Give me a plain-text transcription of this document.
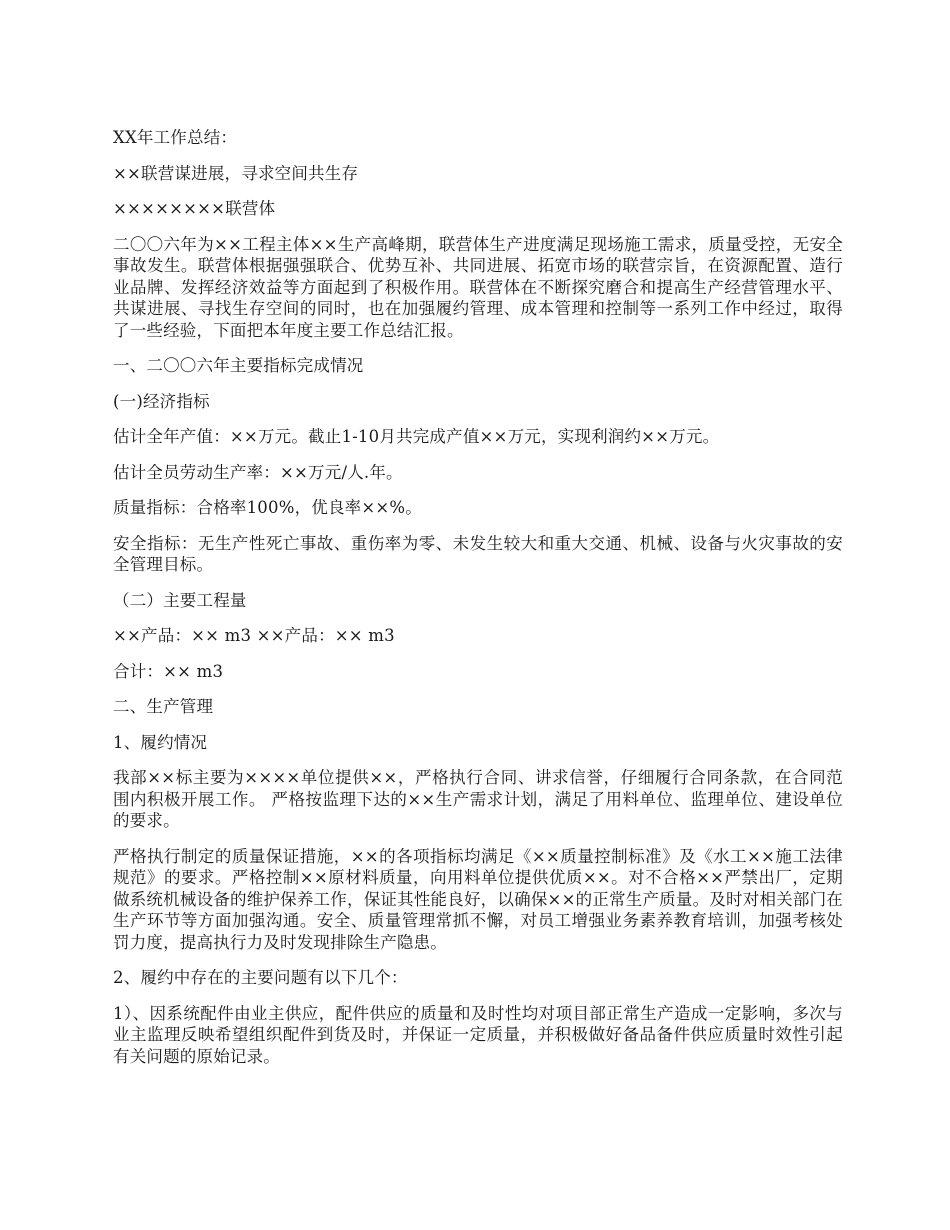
XX年工作总结：

××联营谋进展，寻求空间共生存

××××××××联营体

二〇〇六年为××工程主体××生产高峰期，联营体生产进度满足现场施工需求，质量受控，无安全事故发生。联营体根据强强联合、优势互补、共同进展、拓宽市场的联营宗旨，在资源配置、造行业品牌、发挥经济效益等方面起到了积极作用。联营体在不断探究磨合和提高生产经营管理水平、共谋进展、寻找生存空间的同时，也在加强履约管理、成本管理和控制等一系列工作中经过，取得了一些经验，下面把本年度主要工作总结汇报。

一、二〇〇六年主要指标完成情况

(一)经济指标

估计全年产值：××万元。截止1-10月共完成产值××万元，实现利润约××万元。

估计全员劳动生产率：××万元/人.年。

质量指标：合格率100%，优良率××%。

安全指标：无生产性死亡事故、重伤率为零、未发生较大和重大交通、机械、设备与火灾事故的安全管理目标。

（二）主要工程量

××产品：×× m3 ××产品：×× m3

合计：×× m3

二、生产管理

1、履约情况

我部××标主要为××××单位提供××，严格执行合同、讲求信誉，仔细履行合同条款，在合同范围内积极开展工作。 严格按监理下达的××生产需求计划，满足了用料单位、监理单位、建设单位的要求。

严格执行制定的质量保证措施，××的各项指标均满足《××质量控制标准》及《水工××施工法律规范》的要求。严格控制××原材料质量，向用料单位提供优质××。对不合格××严禁出厂，定期做系统机械设备的维护保养工作，保证其性能良好，以确保××的正常生产质量。及时对相关部门在生产环节等方面加强沟通。安全、质量管理常抓不懈，对员工增强业务素养教育培训，加强考核处罚力度，提高执行力及时发现排除生产隐患。

2、履约中存在的主要问题有以下几个：

1）、因系统配件由业主供应，配件供应的质量和及时性均对项目部正常生产造成一定影响，多次与业主监理反映希望组织配件到货及时，并保证一定质量，并积极做好备品备件供应质量时效性引起有关问题的原始记录。
